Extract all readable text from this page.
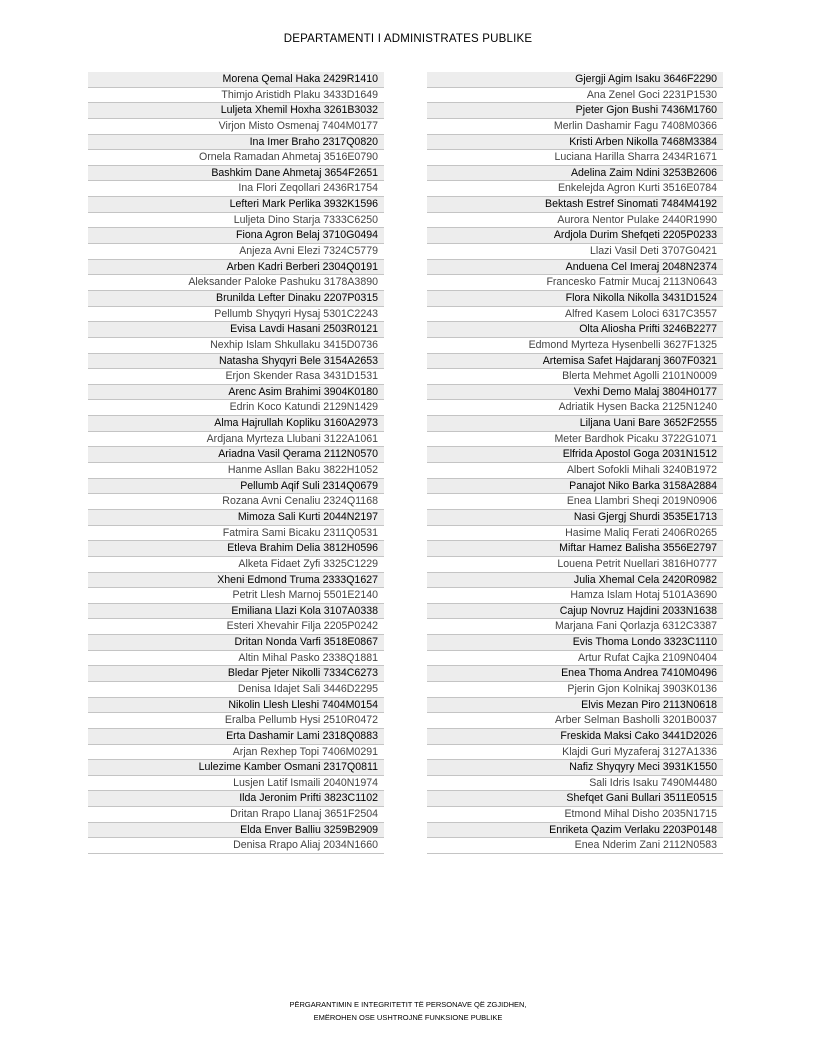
DEPARTAMENTI I ADMINISTRATES PUBLIKE
Morena Qemal Haka 2429R1410
Thimjo Aristidh Plaku 3433D1649
Luljeta Xhemil Hoxha 3261B3032
Virjon Misto Osmenaj 7404M0177
Ina Imer Braho 2317Q0820
Ornela Ramadan Ahmetaj 3516E0790
Bashkim Dane Ahmetaj 3654F2651
Ina Flori Zeqollari 2436R1754
Lefteri Mark Perlika 3932K1596
Luljeta Dino Starja 7333C6250
Fiona Agron Belaj 3710G0494
Anjeza Avni Elezi 7324C5779
Arben Kadri Berberi 2304Q0191
Aleksander Paloke Pashuku 3178A3890
Brunilda Lefter Dinaku 2207P0315
Pellumb Shyqyri Hysaj 5301C2243
Evisa Lavdi Hasani 2503R0121
Nexhip Islam Shkullaku 3415D0736
Natasha Shyqyri Bele 3154A2653
Erjon Skender Rasa 3431D1531
Arenc Asim Brahimi 3904K0180
Edrin Koco Katundi 2129N1429
Alma Hajrullah Kopliku 3160A2973
Ardjana Myrteza Llubani 3122A1061
Ariadna Vasil Qerama 2112N0570
Hanme Asllan Baku 3822H1052
Pellumb Aqif Suli 2314Q0679
Rozana Avni Cenaliu 2324Q1168
Mimoza Sali Kurti 2044N2197
Fatmira Sami Bicaku 2311Q0531
Etleva Brahim Delia 3812H0596
Alketa Fidaet Zyfi 3325C1229
Xheni Edmond Truma 2333Q1627
Petrit Llesh Marnoj 5501E2140
Emiliana Llazi Kola 3107A0338
Esteri Xhevahir Filja 2205P0242
Dritan Nonda Varfi 3518E0867
Altin Mihal Pasko 2338Q1881
Bledar Pjeter Nikolli 7334C6273
Denisa Idajet Sali 3446D2295
Nikolin Llesh Lleshi 7404M0154
Eralba Pellumb Hysi 2510R0472
Erta Dashamir Lami 2318Q0883
Arjan Rexhep Topi 7406M0291
Lulezime Kamber Osmani 2317Q0811
Lusjen Latif Ismaili 2040N1974
Ilda Jeronim Prifti 3823C1102
Dritan Rrapo Llanaj 3651F2504
Elda Enver Balliu 3259B2909
Denisa Rrapo Aliaj 2034N1660
Gjergji Agim Isaku 3646F2290
Ana Zenel Goci 2231P1530
Pjeter Gjon Bushi 7436M1760
Merlin Dashamir Fagu 7408M0366
Kristi Arben Nikolla 7468M3384
Luciana Harilla Sharra 2434R1671
Adelina Zaim Ndini 3253B2606
Enkelejda Agron Kurti 3516E0784
Bektash Estref Sinomati 7484M4192
Aurora Nentor Pulake 2440R1990
Ardjola Durim Shefqeti 2205P0233
Llazi Vasil Deti 3707G0421
Anduena Cel Imeraj 2048N2374
Francesko Fatmir Mucaj 2113N0643
Flora Nikolla Nikolla 3431D1524
Alfred Kasem Loloci 6317C3557
Olta Aliosha Prifti 3246B2277
Edmond Myrteza Hysenbelli 3627F1325
Artemisa Safet Hajdaranj 3607F0321
Blerta Mehmet Agolli 2101N0009
Vexhi Demo Malaj 3804H0177
Adriatik Hysen Backa 2125N1240
Liljana Uani Bare 3652F2555
Meter Bardhok Picaku 3722G1071
Elfrida Apostol Goga 2031N1512
Albert Sofokli Mihali 3240B1972
Panajot Niko Barka 3158A2884
Enea Llambri Sheqi 2019N0906
Nasi Gjergj Shurdi 3535E1713
Hasime Maliq Ferati 2406R0265
Miftar Hamez Balisha 3556E2797
Louena Petrit Nuellari 3816H0777
Julia Xhemal Cela 2420R0982
Hamza Islam Hotaj 5101A3690
Cajup Novruz Hajdini 2033N1638
Marjana Fani Qorlazja 6312C3387
Evis Thoma Londo 3323C1110
Artur Rufat Cajka 2109N0404
Enea Thoma Andrea 7410M0496
Pjerin Gjon Kolnikaj 3903K0136
Elvis Mezan Piro 2113N0618
Arber Selman Basholli 3201B0037
Freskida Maksi Cako 3441D2026
Klajdi Guri Myzaferaj 3127A1336
Nafiz Shyqyry Meci 3931K1550
Sali Idris Isaku 7490M4480
Shefqet Gani Bullari 3511E0515
Etmond Mihal Disho 2035N1715
Enriketa Qazim Verlaku 2203P0148
Enea Nderim Zani 2112N0583
PËRGARANTIMIN E INTEGRITETIT TË PERSONAVE QË ZGJIDHEN,
EMËROHEN OSE USHTROJNË FUNKSIONE PUBLIKE
